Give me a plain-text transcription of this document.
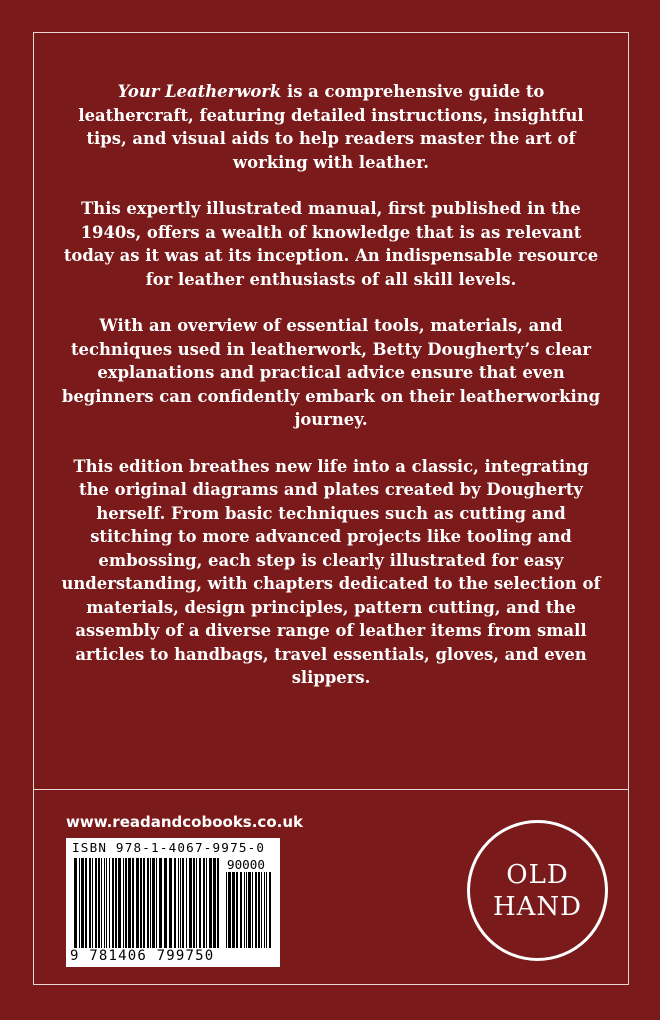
Your Leatherwork is a comprehensive guide to leathercraft, featuring detailed instructions, insightful tips, and visual aids to help readers master the art of working with leather.

This expertly illustrated manual, first published in the 1940s, offers a wealth of knowledge that is as relevant today as it was at its inception. An indispensable resource for leather enthusiasts of all skill levels.

With an overview of essential tools, materials, and techniques used in leatherwork, Betty Dougherty’s clear explanations and practical advice ensure that even beginners can confidently embark on their leatherworking journey.

This edition breathes new life into a classic, integrating the original diagrams and plates created by Dougherty herself. From basic techniques such as cutting and stitching to more advanced projects like tooling and embossing, each step is clearly illustrated for easy understanding, with chapters dedicated to the selection of materials, design principles, pattern cutting, and the assembly of a diverse range of leather items from small articles to handbags, travel essentials, gloves, and even slippers.

www.readandcobooks.co.uk
ISBN 978-1-4067-9975-0
90000
9 781406 799750
OLD
HAND
